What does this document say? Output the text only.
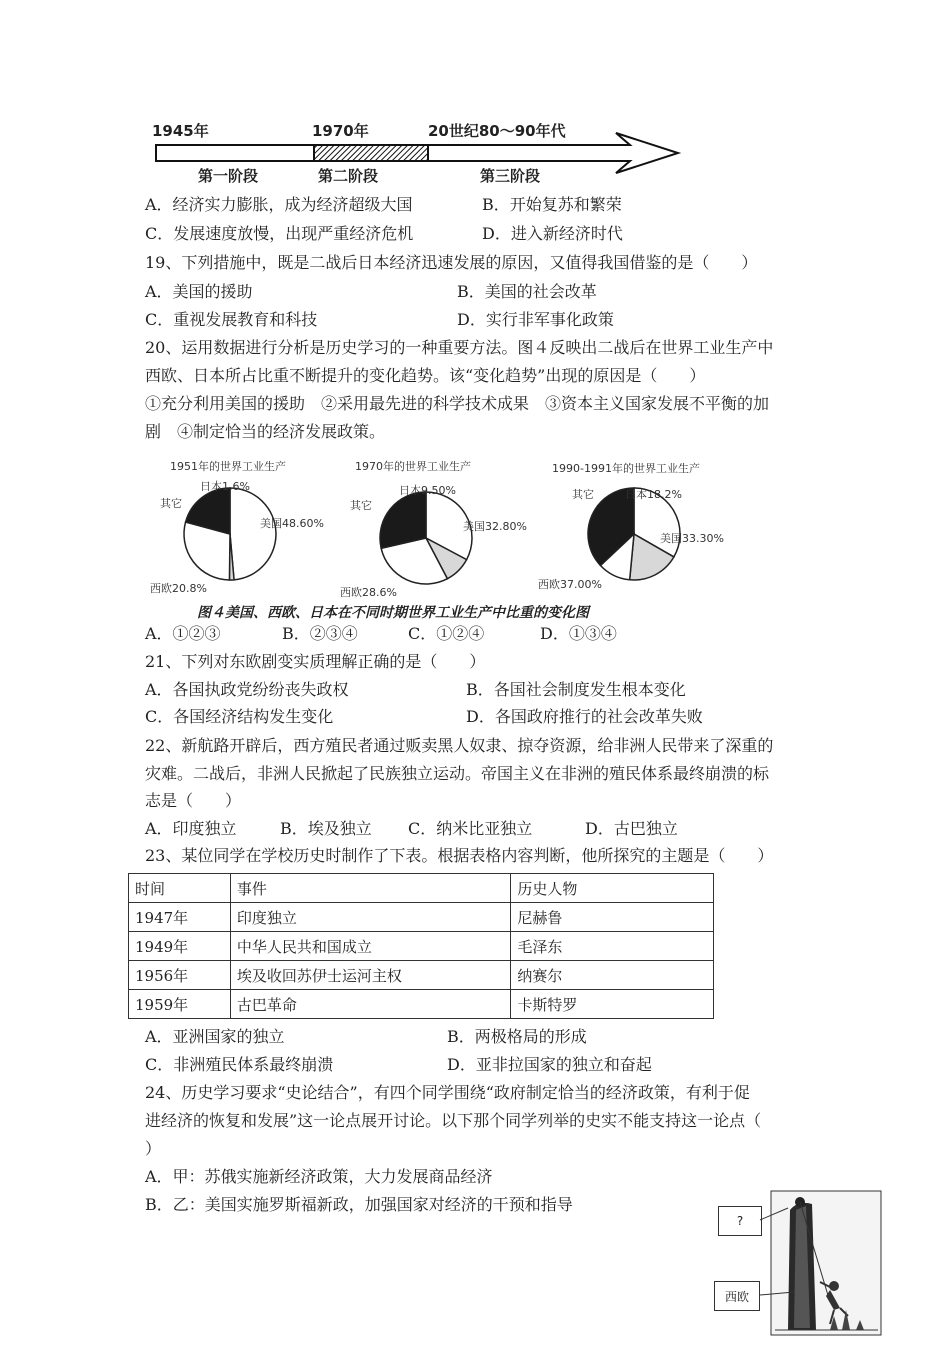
1945年	1970年	20世纪80～90年代
第一阶段	第二阶段	第三阶段
A．经济实力膨胀，成为经济超级大国	B．开始复苏和繁荣
C．发展速度放慢，出现严重经济危机	D．进入新经济时代
19、下列措施中，既是二战后日本经济迅速发展的原因，又值得我国借鉴的是（　　）
A．美国的援助	B．美国的社会改革
C．重视发展教育和科技	D．实行非军事化政策
20、运用数据进行分析是历史学习的一种重要方法。图４反映出二战后在世界工业生产中
西欧、日本所占比重不断提升的变化趋势。该“变化趋势”出现的原因是（　　）
①充分利用美国的援助　②采用最先进的科学技术成果　③资本主义国家发展不平衡的加
剧　④制定恰当的经济发展政策。
1951年的世界工业生产
美国48.60%
日本1.6%
西欧20.8%
其它
1970年的世界工业生产
美国32.80%
日本9.50%
西欧28.6%
其它
1990-1991年的世界工业生产
美国33.30%
日本18.2%
西欧37.00%
其它
图４美国、西欧、日本在不同时期世界工业生产中比重的变化图
A．①②③	B．②③④	C．①②④	D．①③④
21、下列对东欧剧变实质理解正确的是（　　）
A．各国执政党纷纷丧失政权	B．各国社会制度发生根本变化
C．各国经济结构发生变化	D．各国政府推行的社会改革失败
22、新航路开辟后，西方殖民者通过贩卖黑人奴隶、掠夺资源，给非洲人民带来了深重的
灾难。二战后，非洲人民掀起了民族独立运动。帝国主义在非洲的殖民体系最终崩溃的标
志是（　　）
A．印度独立	B．埃及独立 C．纳米比亚独立	D．古巴独立
23、某位同学在学校历史时制作了下表。根据表格内容判断，他所探究的主题是（　　）
时间	事件	历史人物
1947年	印度独立	尼赫鲁
1949年	中华人民共和国成立	毛泽东
1956年	埃及收回苏伊士运河主权	纳赛尔
1959年	古巴革命	卡斯特罗
A．亚洲国家的独立	B．两极格局的形成
C．非洲殖民体系最终崩溃	D．亚非拉国家的独立和奋起
24、历史学习要求“史论结合”，有四个同学围绕“政府制定恰当的经济政策，有利于促
进经济的恢复和发展”这一论点展开讨论。以下那个同学列举的史实不能支持这一论点（
）
A．甲：苏俄实施新经济政策，大力发展商品经济
B．乙：美国实施罗斯福新政，加强国家对经济的干预和指导
?
西欧
